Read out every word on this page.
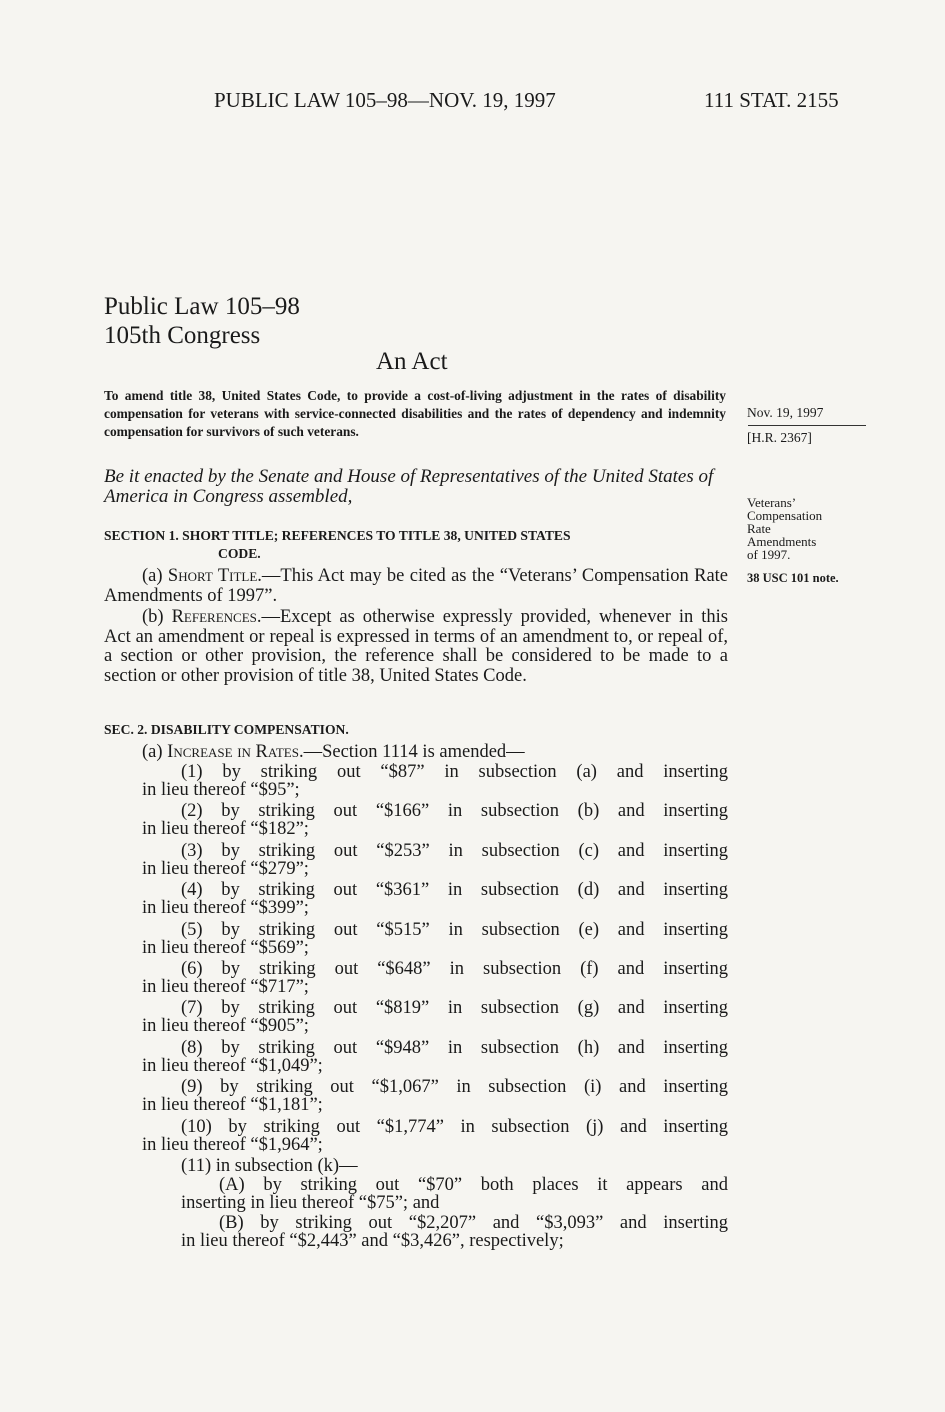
PUBLIC LAW 105–98—NOV. 19, 1997	111 STAT. 2155
Public Law 105–98
105th Congress
An Act

To amend title 38, United States Code, to provide a cost-of-living adjustment in the rates of disability compensation for veterans with service-connected disabilities and the rates of dependency and indemnity compensation for survivors of such veterans.

Nov. 19, 1997
[H.R. 2367]

Be it enacted by the Senate and House of Representatives of the United States of America in Congress assembled,	Veterans’
Compensation
Rate
Amendments
of 1997.
38 USC 101 note.
SECTION 1. SHORT TITLE; REFERENCES TO TITLE 38, UNITED STATES
CODE.

(a) Short Title.—This Act may be cited as the “Veterans’ Compensation Rate Amendments of 1997”.

(b) References.—Except as otherwise expressly provided, whenever in this Act an amendment or repeal is expressed in terms of an amendment to, or repeal of, a section or other provision, the reference shall be considered to be made to a section or other provision of title 38, United States Code.

SEC. 2. DISABILITY COMPENSATION.

(a) Increase in Rates.—Section 1114 is amended—

(1) by striking out “$87” in subsection (a) and inserting
in lieu thereof “$95”;
(2) by striking out “$166” in subsection (b) and inserting
in lieu thereof “$182”;
(3) by striking out “$253” in subsection (c) and inserting
in lieu thereof “$279”;
(4) by striking out “$361” in subsection (d) and inserting
in lieu thereof “$399”;
(5) by striking out “$515” in subsection (e) and inserting
in lieu thereof “$569”;
(6) by striking out “$648” in subsection (f) and inserting
in lieu thereof “$717”;
(7) by striking out “$819” in subsection (g) and inserting
in lieu thereof “$905”;
(8) by striking out “$948” in subsection (h) and inserting
in lieu thereof “$1,049”;
(9) by striking out “$1,067” in subsection (i) and inserting
in lieu thereof “$1,181”;
(10) by striking out “$1,774” in subsection (j) and inserting
in lieu thereof “$1,964”;
(11) in subsection (k)—
(A) by striking out “$70” both places it appears and
inserting in lieu thereof “$75”; and
(B) by striking out “$2,207” and “$3,093” and inserting
in lieu thereof “$2,443” and “$3,426”, respectively;
